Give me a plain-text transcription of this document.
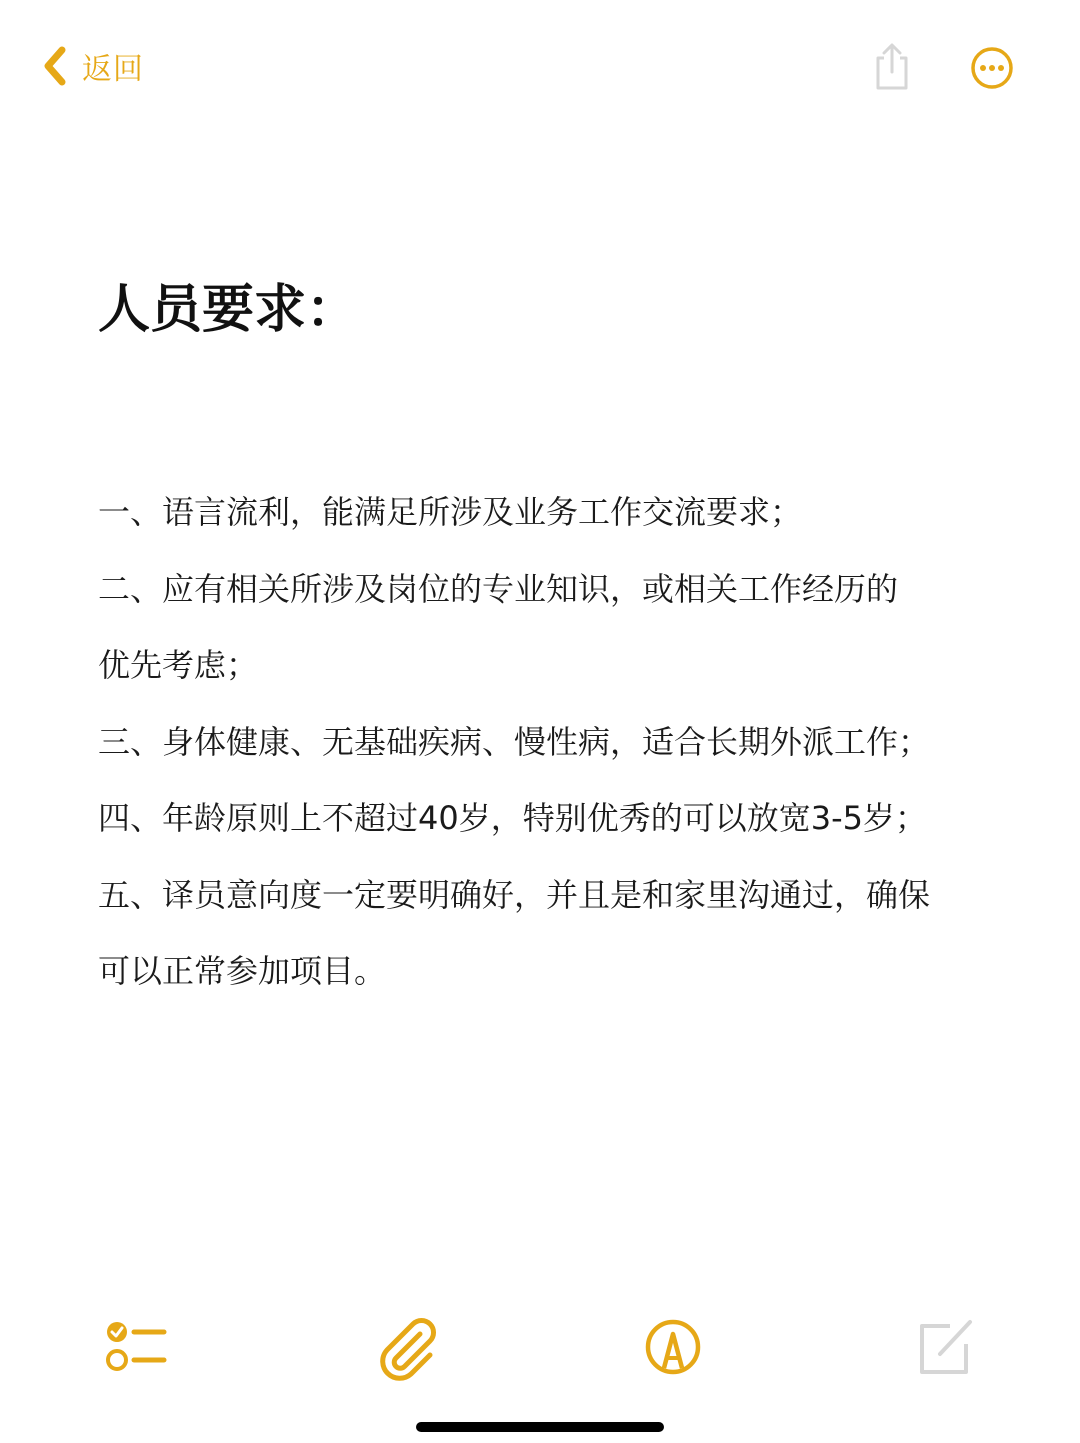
返回
人员要求：
一、语言流利，能满足所涉及业务工作交流要求；
二、应有相关所涉及岗位的专业知识，或相关工作经历的
优先考虑；
三、身体健康、无基础疾病、慢性病，适合长期外派工作；
四、年龄原则上不超过40岁，特别优秀的可以放宽3-5岁；
五、译员意向度一定要明确好，并且是和家里沟通过，确保
可以正常参加项目。
